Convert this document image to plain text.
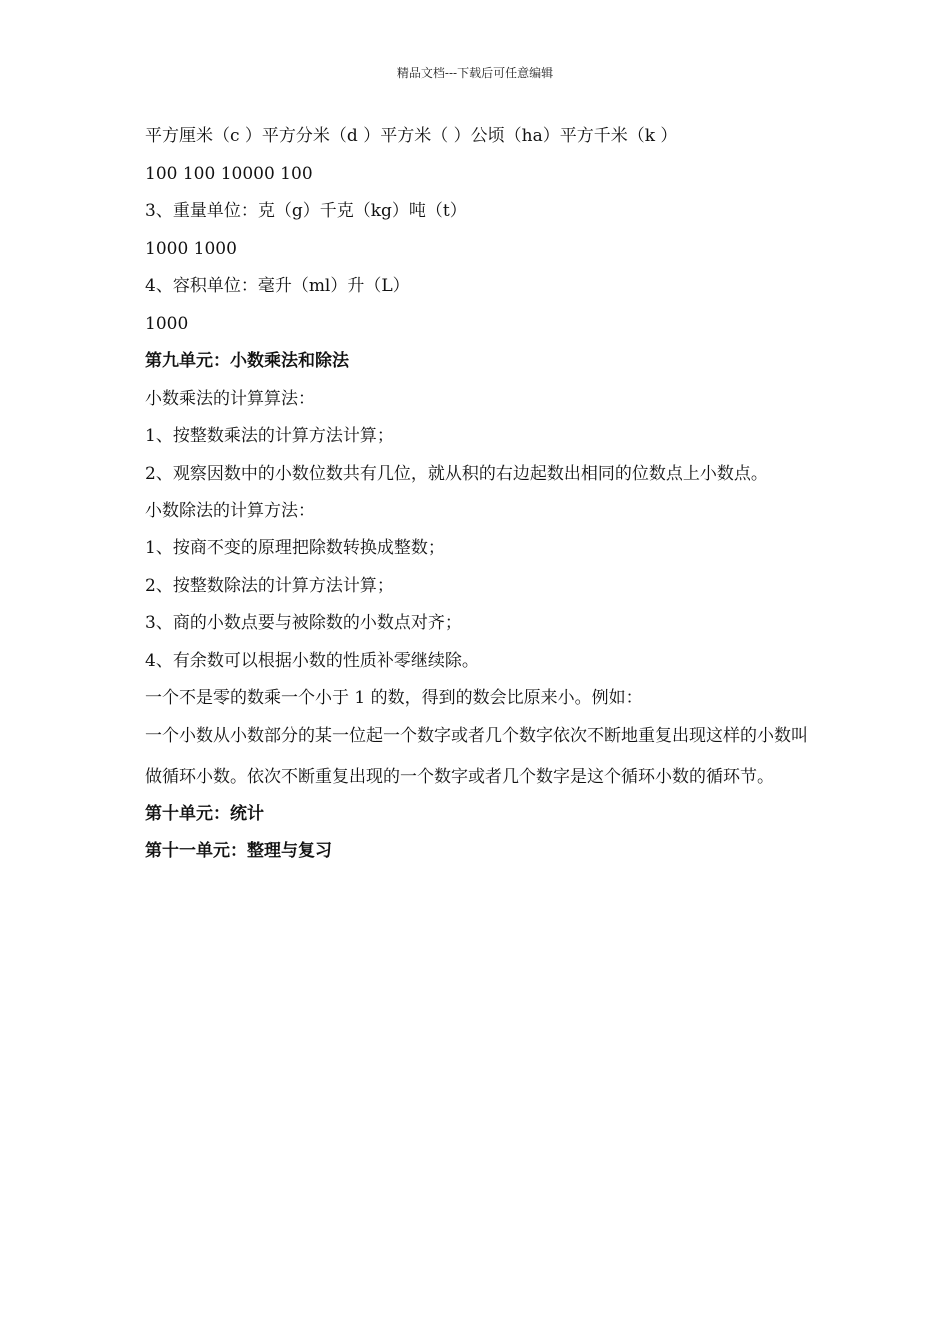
精品文档---下载后可任意编辑

平方厘米（c ）平方分米（d ）平方米（ ）公顷（ha）平方千米（k ）

100 100 10000 100

3、重量单位：克（g）千克（kg）吨（t）

1000 1000

4、容积单位：毫升（ml）升（L）

1000

第九单元：小数乘法和除法

小数乘法的计算算法：

1、按整数乘法的计算方法计算；

2、观察因数中的小数位数共有几位，就从积的右边起数出相同的位数点上小数点。

小数除法的计算方法：

1、按商不变的原理把除数转换成整数；

2、按整数除法的计算方法计算；

3、商的小数点要与被除数的小数点对齐；

4、有余数可以根据小数的性质补零继续除。

一个不是零的数乘一个小于 1 的数，得到的数会比原来小。例如：

一个小数从小数部分的某一位起一个数字或者几个数字依次不断地重复出现这样的小数叫做循环小数。依次不断重复出现的一个数字或者几个数字是这个循环小数的循环节。

第十单元：统计

第十一单元：整理与复习
